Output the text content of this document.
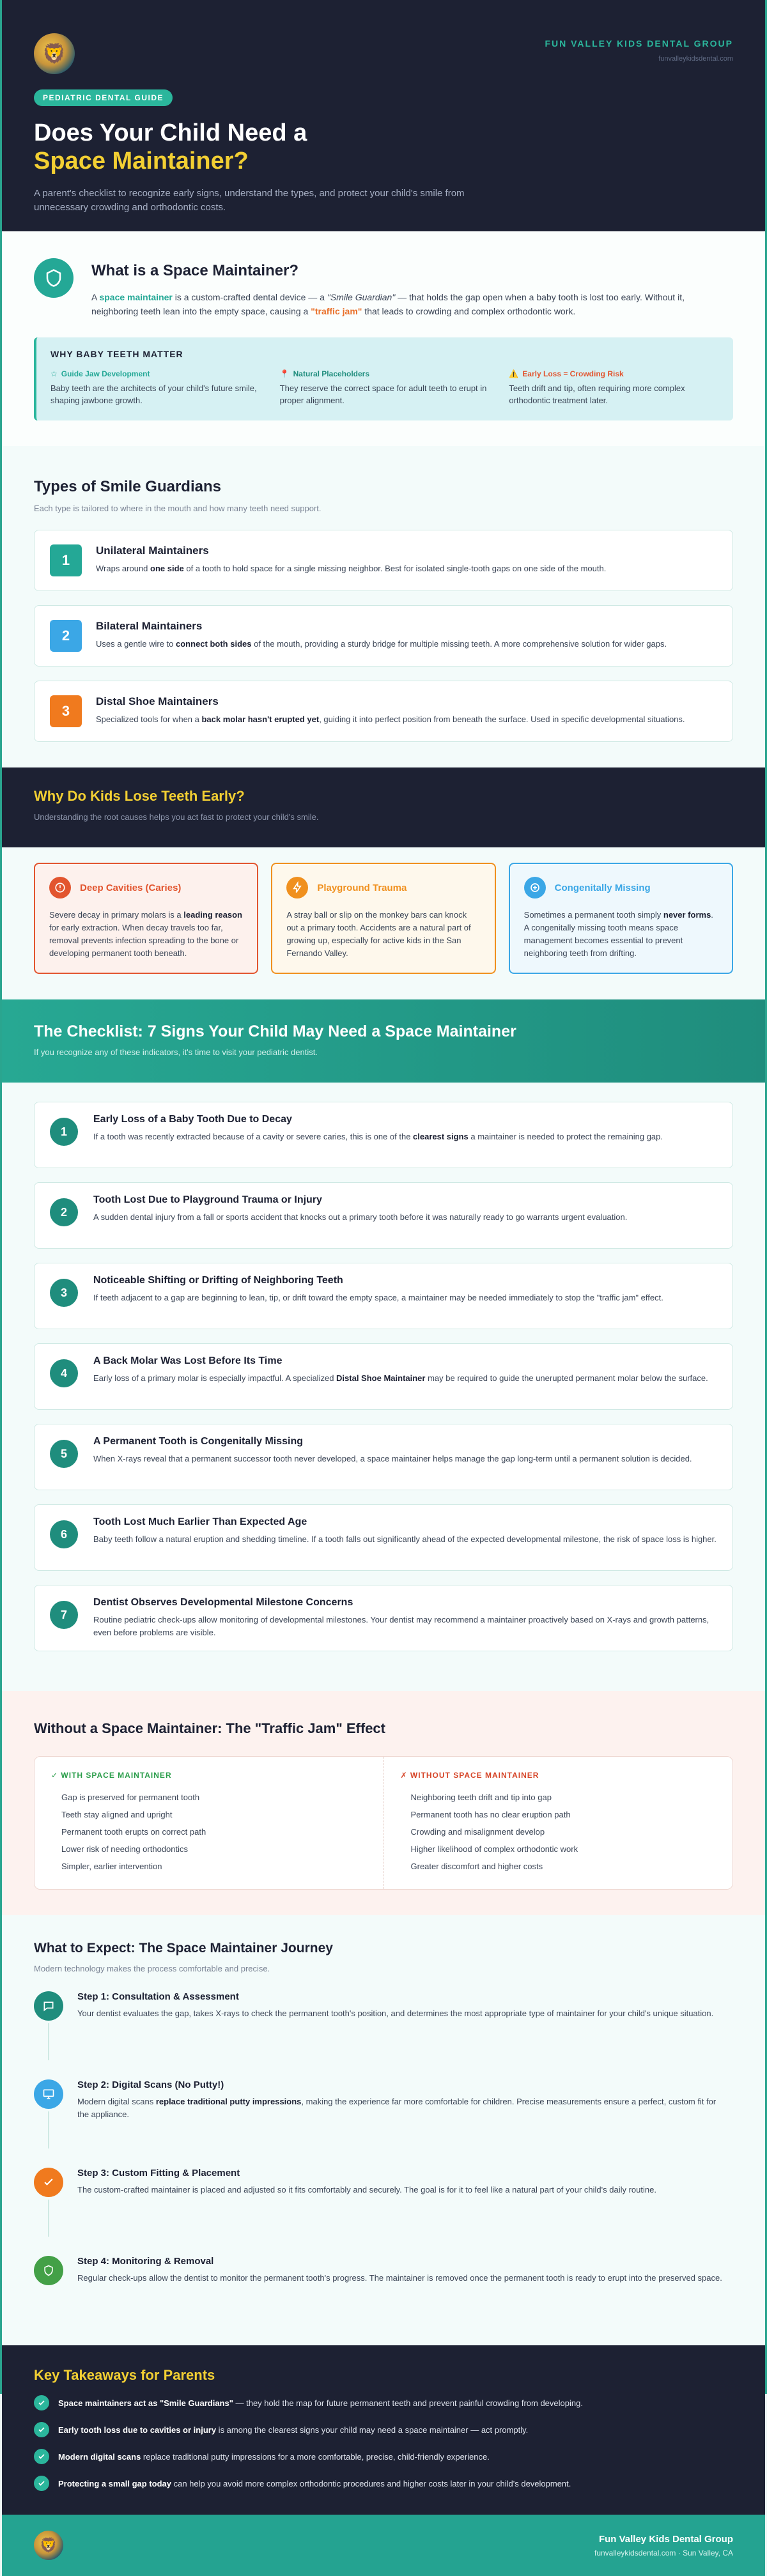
🦁	FUN VALLEY KIDS DENTAL GROUP
funvalleykidsdental.com
PEDIATRIC DENTAL GUIDE
Does Your Child Need a
Space Maintainer?

A parent's checklist to recognize early signs, understand the types, and protect your child's smile from unnecessary crowding and orthodontic costs.

What is a Space Maintainer?

A space maintainer is a custom-crafted dental device — a "Smile Guardian" — that holds the gap open when a baby tooth is lost too early. Without it, neighboring teeth lean into the empty space, causing a "traffic jam" that leads to crowding and complex orthodontic work.

WHY BABY TEETH MATTER
☆ Guide Jaw Development
Baby teeth are the architects of your child's future smile, shaping jawbone growth.
📍 Natural Placeholders
They reserve the correct space for adult teeth to erupt in proper alignment.
⚠️ Early Loss = Crowding Risk
Teeth drift and tip, often requiring more complex orthodontic treatment later.
Types of Smile Guardians
Each type is tailored to where in the mouth and how many teeth need support.
1
Unilateral Maintainers
Wraps around one side of a tooth to hold space for a single missing neighbor. Best for isolated single-tooth gaps on one side of the mouth.
2
Bilateral Maintainers
Uses a gentle wire to connect both sides of the mouth, providing a sturdy bridge for multiple missing teeth. A more comprehensive solution for wider gaps.
3
Distal Shoe Maintainers
Specialized tools for when a back molar hasn't erupted yet, guiding it into perfect position from beneath the surface. Used in specific developmental situations.
Why Do Kids Lose Teeth Early?
Understanding the root causes helps you act fast to protect your child's smile.
Deep Cavities (Caries)
Severe decay in primary molars is a leading reason for early extraction. When decay travels too far, removal prevents infection spreading to the bone or developing permanent tooth beneath.
Playground Trauma
A stray ball or slip on the monkey bars can knock out a primary tooth. Accidents are a natural part of growing up, especially for active kids in the San Fernando Valley.
Congenitally Missing
Sometimes a permanent tooth simply never forms. A congenitally missing tooth means space management becomes essential to prevent neighboring teeth from drifting.
The Checklist: 7 Signs Your Child May Need a Space Maintainer
If you recognize any of these indicators, it's time to visit your pediatric dentist.
1
Early Loss of a Baby Tooth Due to Decay
If a tooth was recently extracted because of a cavity or severe caries, this is one of the clearest signs a maintainer is needed to protect the remaining gap.
2
Tooth Lost Due to Playground Trauma or Injury
A sudden dental injury from a fall or sports accident that knocks out a primary tooth before it was naturally ready to go warrants urgent evaluation.
3
Noticeable Shifting or Drifting of Neighboring Teeth
If teeth adjacent to a gap are beginning to lean, tip, or drift toward the empty space, a maintainer may be needed immediately to stop the "traffic jam" effect.
4
A Back Molar Was Lost Before Its Time
Early loss of a primary molar is especially impactful. A specialized Distal Shoe Maintainer may be required to guide the unerupted permanent molar below the surface.
5
A Permanent Tooth is Congenitally Missing
When X-rays reveal that a permanent successor tooth never developed, a space maintainer helps manage the gap long-term until a permanent solution is decided.
6
Tooth Lost Much Earlier Than Expected Age
Baby teeth follow a natural eruption and shedding timeline. If a tooth falls out significantly ahead of the expected developmental milestone, the risk of space loss is higher.
7
Dentist Observes Developmental Milestone Concerns
Routine pediatric check-ups allow monitoring of developmental milestones. Your dentist may recommend a maintainer proactively based on X-rays and growth patterns, even before problems are visible.
Without a Space Maintainer: The "Traffic Jam" Effect
✓ WITH SPACE MAINTAINER
Gap is preserved for permanent tooth
Teeth stay aligned and upright
Permanent tooth erupts on correct path
Lower risk of needing orthodontics
Simpler, earlier intervention
✗ WITHOUT SPACE MAINTAINER
Neighboring teeth drift and tip into gap
Permanent tooth has no clear eruption path
Crowding and misalignment develop
Higher likelihood of complex orthodontic work
Greater discomfort and higher costs
What to Expect: The Space Maintainer Journey
Modern technology makes the process comfortable and precise.
Step 1: Consultation & Assessment
Your dentist evaluates the gap, takes X-rays to check the permanent tooth's position, and determines the most appropriate type of maintainer for your child's unique situation.
Step 2: Digital Scans (No Putty!)
Modern digital scans replace traditional putty impressions, making the experience far more comfortable for children. Precise measurements ensure a perfect, custom fit for the appliance.
Step 3: Custom Fitting & Placement
The custom-crafted maintainer is placed and adjusted so it fits comfortably and securely. The goal is for it to feel like a natural part of your child's daily routine.
Step 4: Monitoring & Removal
Regular check-ups allow the dentist to monitor the permanent tooth's progress. The maintainer is removed once the permanent tooth is ready to erupt into the preserved space.
Key Takeaways for Parents
Space maintainers act as "Smile Guardians" — they hold the map for future permanent teeth and prevent painful crowding from developing.
Early tooth loss due to cavities or injury is among the clearest signs your child may need a space maintainer — act promptly.
Modern digital scans replace traditional putty impressions for a more comfortable, precise, child-friendly experience.
Protecting a small gap today can help you avoid more complex orthodontic procedures and higher costs later in your child's development.
🦁	Fun Valley Kids Dental Group
funvalleykidsdental.com · Sun Valley, CA
